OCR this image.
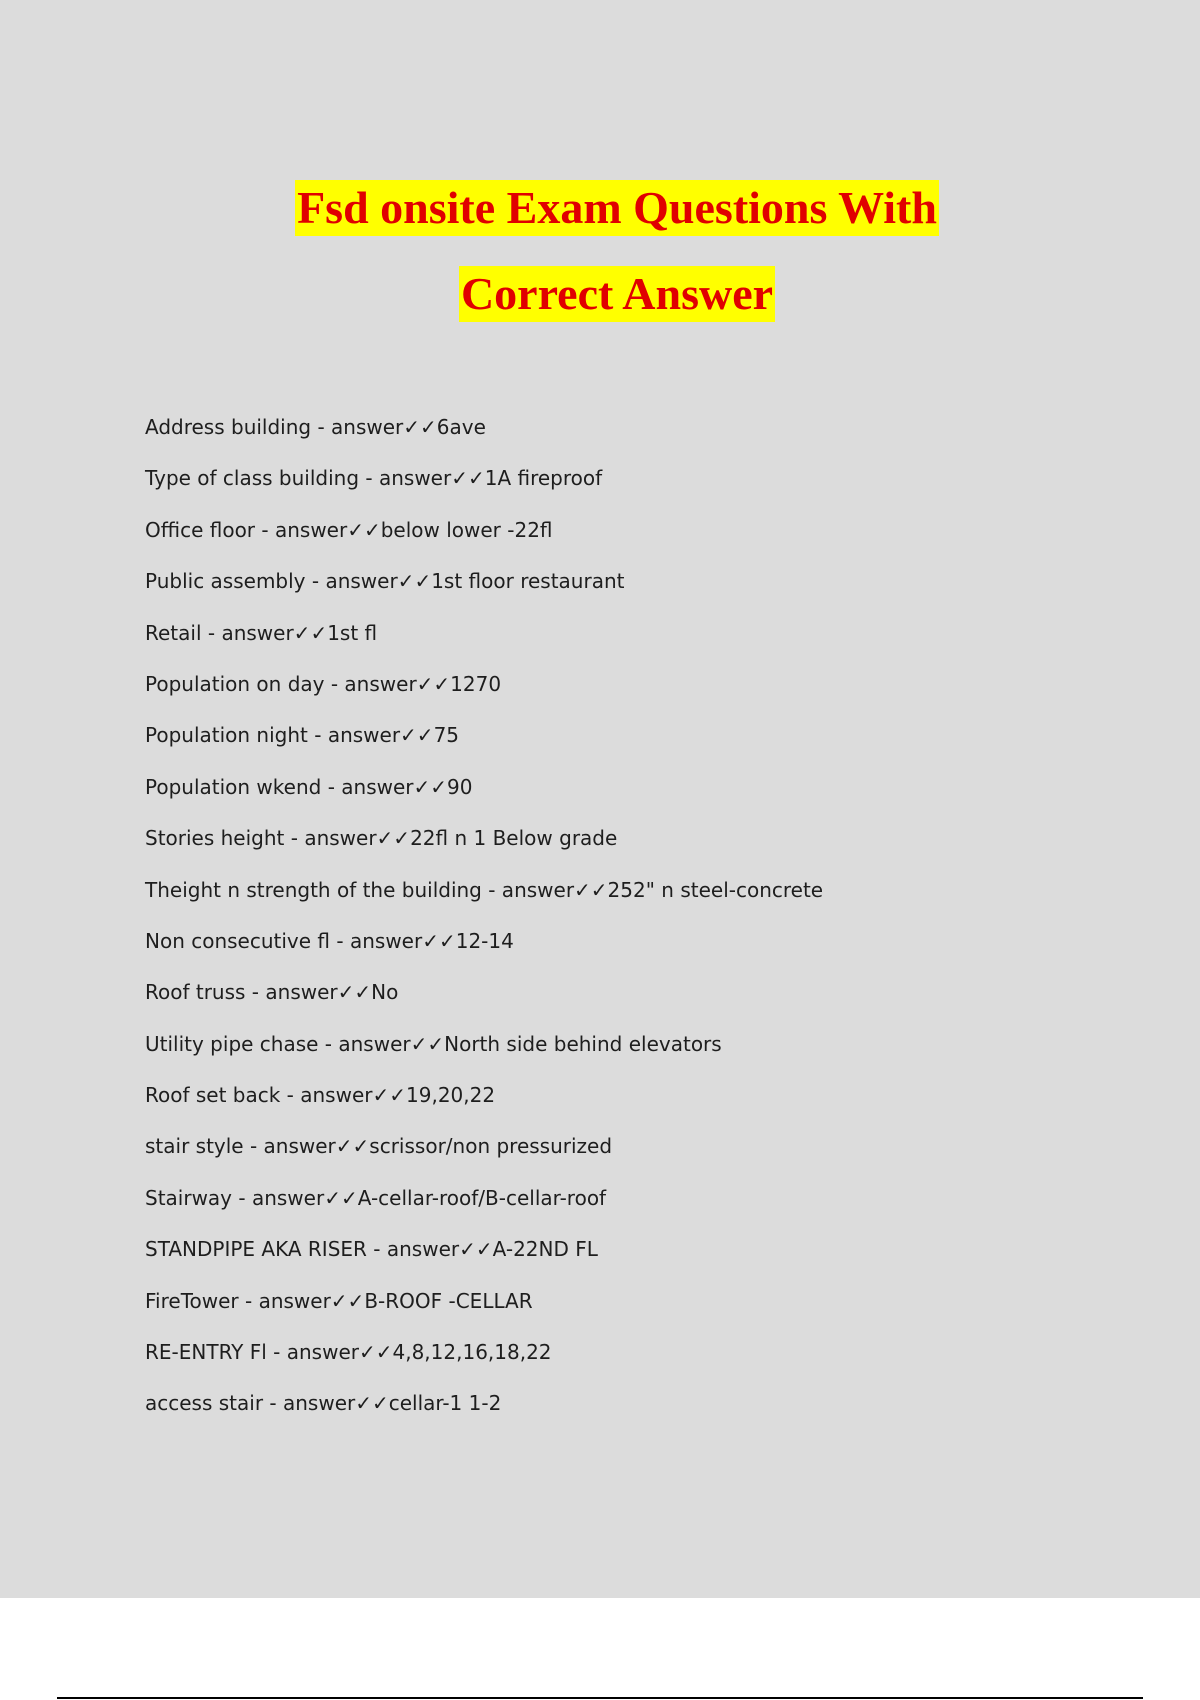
Fsd onsite Exam Questions With
Correct Answer
Address building - answer✓✓6ave
Type of class building - answer✓✓1A fireproof
Office floor - answer✓✓below lower -22fl
Public assembly - answer✓✓1st floor restaurant
Retail - answer✓✓1st fl
Population on day - answer✓✓1270
Population night - answer✓✓75
Population wkend - answer✓✓90
Stories height - answer✓✓22fl n 1 Below grade
Theight n strength of the building - answer✓✓252" n steel-concrete
Non consecutive fl - answer✓✓12-14
Roof truss - answer✓✓No
Utility pipe chase - answer✓✓North side behind elevators
Roof set back - answer✓✓19,20,22
stair style - answer✓✓scrissor/non pressurized
Stairway - answer✓✓A-cellar-roof/B-cellar-roof
STANDPIPE AKA RISER - answer✓✓A-22ND FL
FireTower - answer✓✓B-ROOF -CELLAR
RE-ENTRY Fl - answer✓✓4,8,12,16,18,22
access stair - answer✓✓cellar-1 1-2
